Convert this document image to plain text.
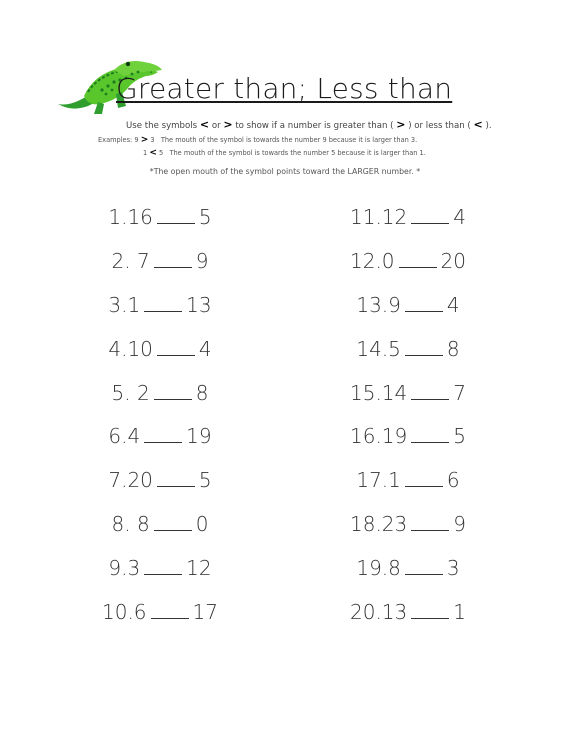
Greater than; Less than
Use the symbols < or > to show if a number is greater than ( > ) or less than ( < ).
Examples: 9 > 3 The mouth of the symbol is towards the number 9 because it is larger than 3.
1 < 5 The mouth of the symbol is towards the number 5 because it is larger than 1.
*The open mouth of the symbol points toward the LARGER number. *
1.16 5
2. 7 9
3.1 13
4.10 4
5. 2 8
6.4 19
7.20 5
8. 8 0
9.3 12
10.6 17
11.12 4
12.0 20
13.9 4
14.5 8
15.14 7
16.19 5
17.1 6
18.23 9
19.8 3
20.13 1
